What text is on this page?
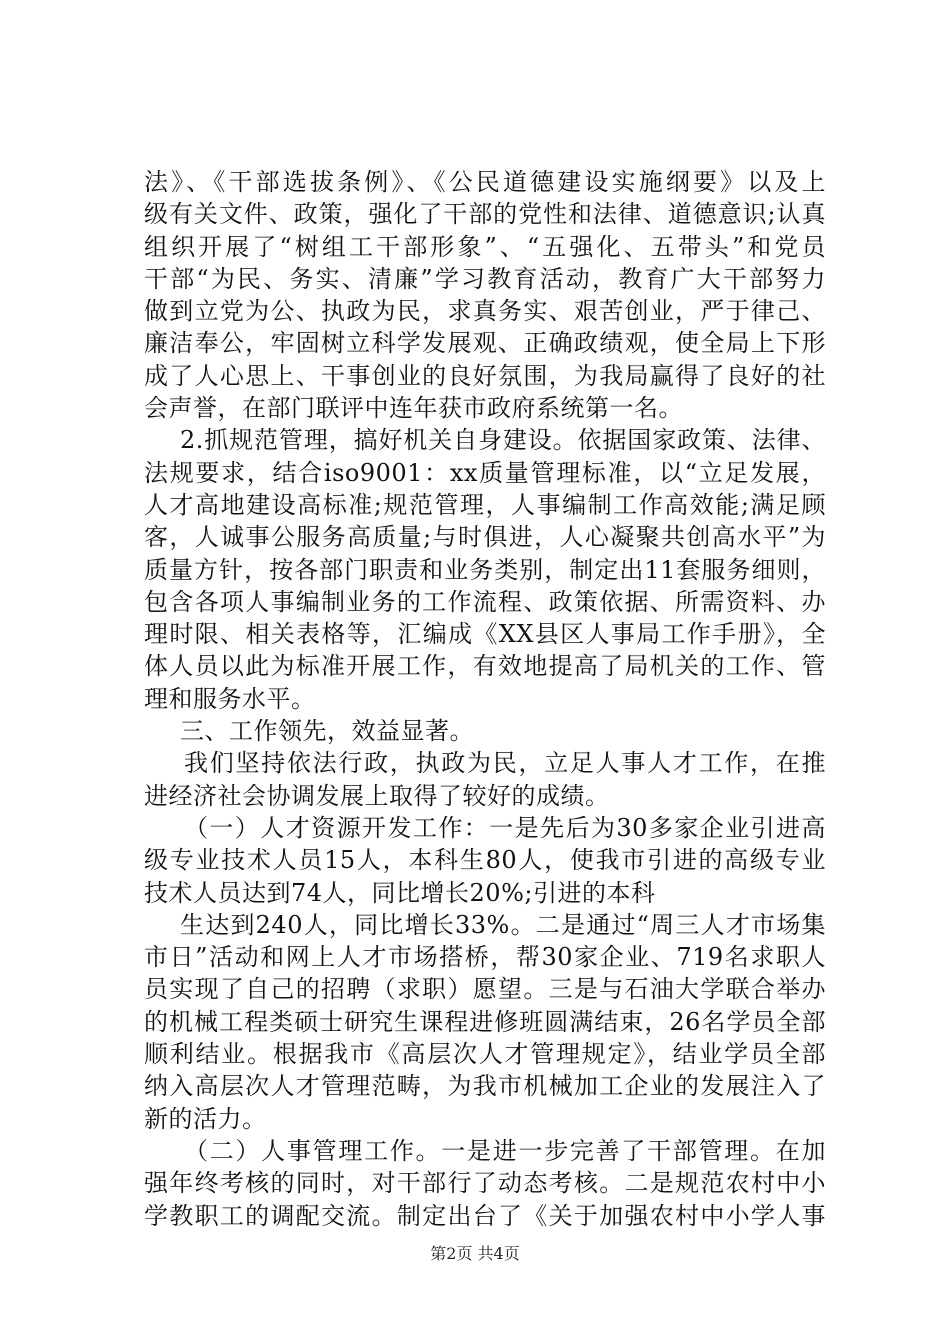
法》、《干部选拔条例》、《公民道德建设实施纲要》以及上
级有关文件、政策，强化了干部的党性和法律、道德意识;认真
组织开展了“树组工干部形象”、“五强化、五带头”和党员
干部“为民、务实、清廉”学习教育活动，教育广大干部努力
做到立党为公、执政为民，求真务实、艰苦创业，严于律己、
廉洁奉公，牢固树立科学发展观、正确政绩观，使全局上下形
成了人心思上、干事创业的良好氛围，为我局赢得了良好的社
会声誉，在部门联评中连年获市政府系统第一名。
2.抓规范管理，搞好机关自身建设。依据国家政策、法律、
法规要求，结合iso9001：xx质量管理标准，以“立足发展，
人才高地建设高标准;规范管理，人事编制工作高效能;满足顾
客，人诚事公服务高质量;与时俱进，人心凝聚共创高水平”为
质量方针，按各部门职责和业务类别，制定出11套服务细则，
包含各项人事编制业务的工作流程、政策依据、所需资料、办
理时限、相关表格等，汇编成《XX县区人事局工作手册》，全
体人员以此为标准开展工作，有效地提高了局机关的工作、管
理和服务水平。
三、工作领先，效益显著。
我们坚持依法行政，执政为民，立足人事人才工作，在推
进经济社会协调发展上取得了较好的成绩。
（一）人才资源开发工作：一是先后为30多家企业引进高
级专业技术人员15人，本科生80人，使我市引进的高级专业
技术人员达到74人，同比增长20%;引进的本科
生达到240人，同比增长33%。二是通过“周三人才市场集
市日”活动和网上人才市场搭桥，帮30家企业、719名求职人
员实现了自己的招聘（求职）愿望。三是与石油大学联合举办
的机械工程类硕士研究生课程进修班圆满结束，26名学员全部
顺利结业。根据我市《高层次人才管理规定》，结业学员全部
纳入高层次人才管理范畴，为我市机械加工企业的发展注入了
新的活力。
（二）人事管理工作。一是进一步完善了干部管理。在加
强年终考核的同时，对干部行了动态考核。二是规范农村中小
学教职工的调配交流。制定出台了《关于加强农村中小学人事
第2页 共4页
